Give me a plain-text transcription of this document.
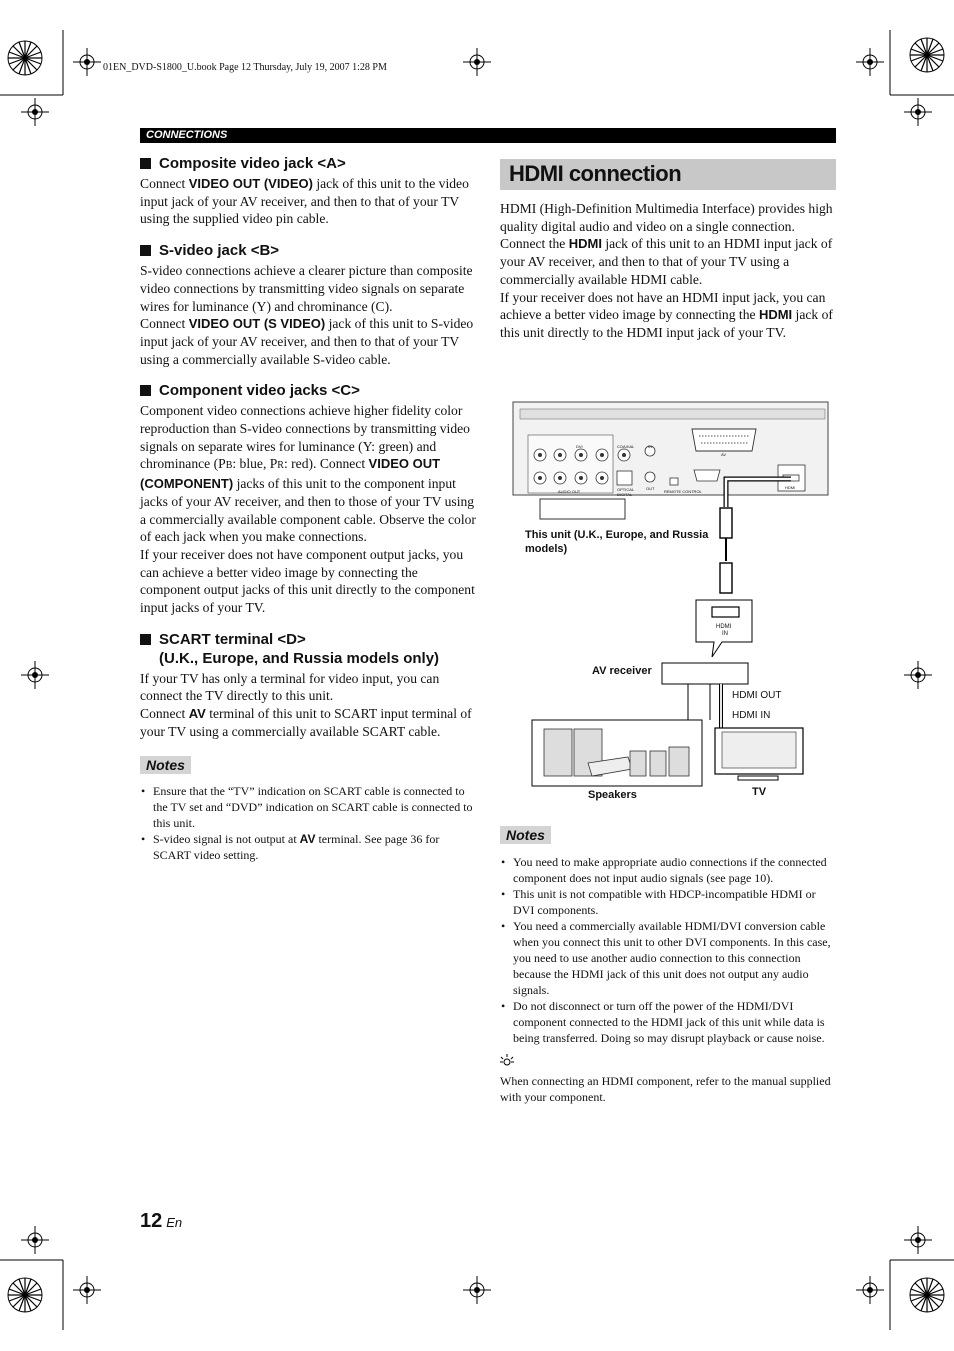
01EN_DVD-S1800_U.book Page 12 Thursday, July 19, 2007 1:28 PM
CONNECTIONS
Composite video jack <A>

Connect VIDEO OUT (VIDEO) jack of this unit to the video input jack of your AV receiver, and then to that of your TV using the supplied video pin cable.

S-video jack <B>

S-video connections achieve a clearer picture than composite video connections by transmitting video signals on separate wires for luminance (Y) and chrominance (C).

Connect VIDEO OUT (S VIDEO) jack of this unit to S-video input jack of your AV receiver, and then to that of your TV using a commercially available S-video cable.

Component video jacks <C>

Component video connections achieve higher fidelity color reproduction than S-video connections by transmitting video signals on separate wires for luminance (Y: green) and chrominance (PB: blue, PR: red). Connect VIDEO OUT (COMPONENT) jacks of this unit to the component input jacks of your AV receiver, and then to those of your TV using a commercially available component cable. Observe the color of each jack when you make connections.

If your receiver does not have component output jacks, you can achieve a better video image by connecting the component output jacks of this unit directly to the component input jacks of your TV.

SCART terminal <D>
(U.K., Europe, and Russia models only)

If your TV has only a terminal for video input, you can connect the TV directly to this unit.

Connect AV terminal of this unit to SCART input terminal of your TV using a commercially available SCART cable.

Notes
• Ensure that the “TV” indication on SCART cable is connected to the TV set and “DVD” indication on SCART cable is connected to this unit.
• S-video signal is not output at AV terminal. See page 36 for SCART video setting.
HDMI connection

HDMI (High-Definition Multimedia Interface) provides high quality digital audio and video on a single connection.

Connect the HDMI jack of this unit to an HDMI input jack of your AV receiver, and then to that of your TV using a commercially available HDMI cable.

If your receiver does not have an HDMI input jack, you can achieve a better video image by connecting the HDMI jack of this unit directly to the HDMI input jack of your TV.

DVI	COAXIAL	IN
OPTICAL
DIGITAL
OUT
AV
REMOTE CONTROL
AUDIO OUT
HDMI
This unit (U.K., Europe, and Russia models)
HDMI
IN
AV receiver
HDMI OUT
HDMI IN
Speakers	TV
Notes
• You need to make appropriate audio connections if the connected component does not input audio signals (see page 10).
• This unit is not compatible with HDCP-incompatible HDMI or DVI components.
• You need a commercially available HDMI/DVI conversion cable when you connect this unit to other DVI components. In this case, you need to use another audio connection to this connection because the HDMI jack of this unit does not output any audio signals.
• Do not disconnect or turn off the power of the HDMI/DVI component connected to the HDMI jack of this unit while data is being transferred. Doing so may disrupt playback or cause noise.

When connecting an HDMI component, refer to the manual supplied with your component.

12 En
